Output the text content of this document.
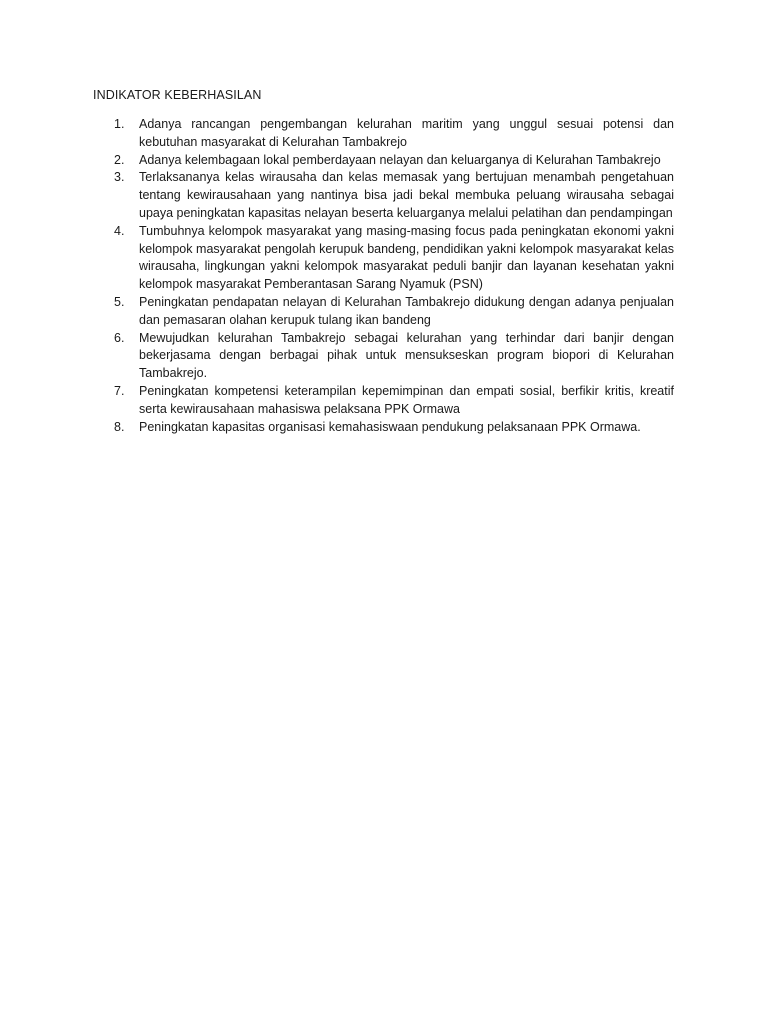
INDIKATOR KEBERHASILAN
1.	Adanya rancangan pengembangan kelurahan maritim yang unggul sesuai potensi dan kebutuhan masyarakat di Kelurahan Tambakrejo
2.	Adanya kelembagaan lokal pemberdayaan nelayan dan keluarganya di Kelurahan Tambakrejo
3.	Terlaksananya kelas wirausaha dan kelas memasak yang bertujuan menambah pengetahuan tentang kewirausahaan yang nantinya bisa jadi bekal membuka peluang wirausaha sebagai upaya peningkatan kapasitas nelayan beserta keluarganya melalui pelatihan dan pendampingan
4.	Tumbuhnya kelompok masyarakat yang masing-masing focus pada peningkatan ekonomi yakni kelompok masyarakat pengolah kerupuk bandeng, pendidikan yakni kelompok masyarakat kelas wirausaha, lingkungan yakni kelompok masyarakat peduli banjir dan layanan kesehatan yakni kelompok masyarakat Pemberantasan Sarang Nyamuk (PSN)
5.	Peningkatan pendapatan nelayan di Kelurahan Tambakrejo didukung dengan adanya penjualan dan pemasaran olahan kerupuk tulang ikan bandeng
6.	Mewujudkan kelurahan Tambakrejo sebagai kelurahan yang terhindar dari banjir dengan bekerjasama dengan berbagai pihak untuk mensukseskan program biopori di Kelurahan Tambakrejo.
7.	Peningkatan kompetensi keterampilan kepemimpinan dan empati sosial, berfikir kritis, kreatif serta kewirausahaan mahasiswa pelaksana PPK Ormawa
8.	Peningkatan kapasitas organisasi kemahasiswaan pendukung pelaksanaan PPK Ormawa.
